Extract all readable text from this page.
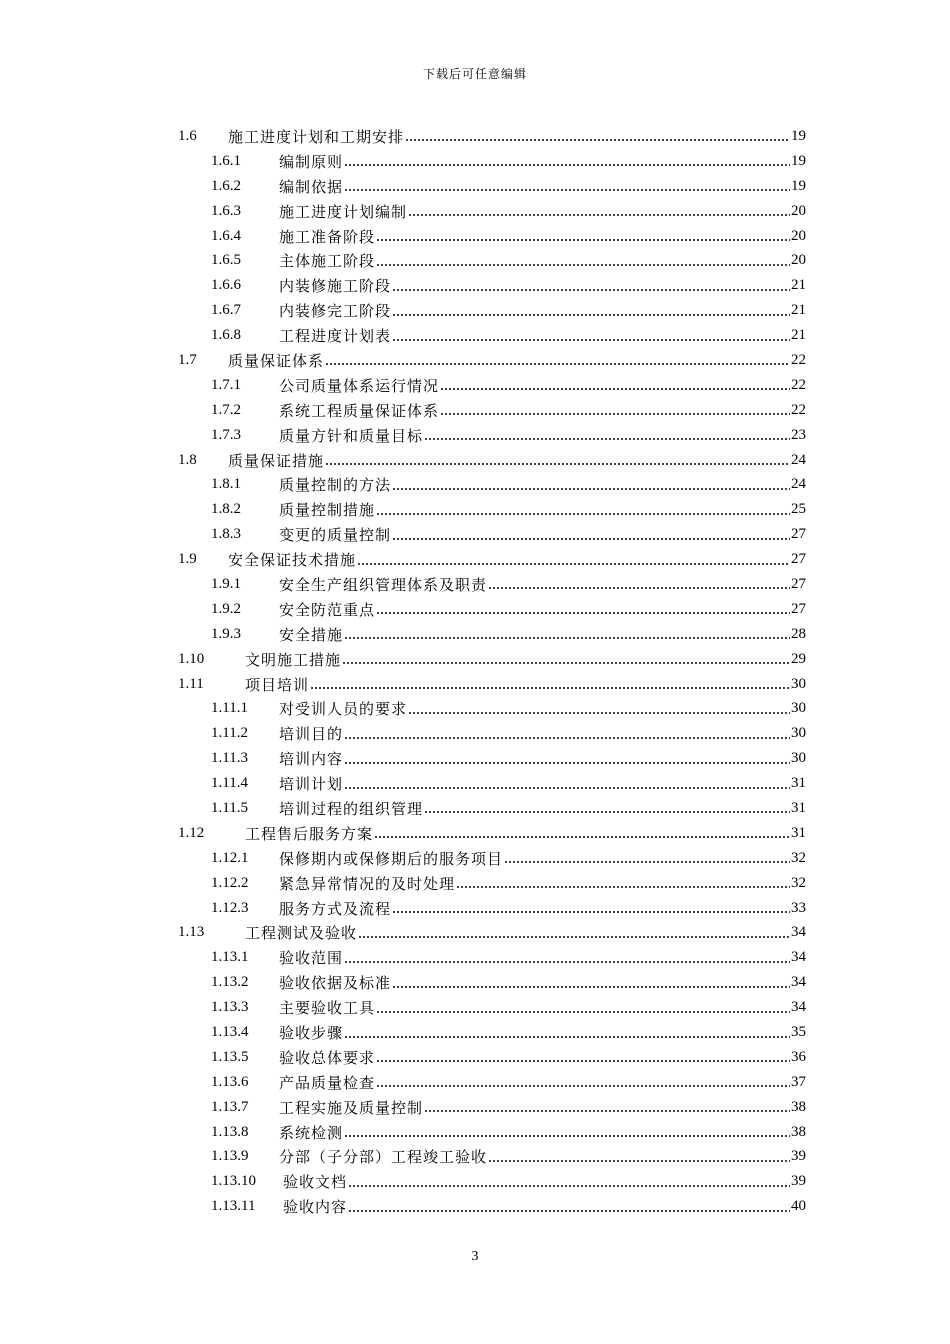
下载后可任意编辑
1.6	施工进度计划和工期安排	19
1.6.1	编制原则	19
1.6.2	编制依据	19
1.6.3	施工进度计划编制	20
1.6.4	施工准备阶段	20
1.6.5	主体施工阶段	20
1.6.6	内装修施工阶段	21
1.6.7	内装修完工阶段	21
1.6.8	工程进度计划表	21
1.7	质量保证体系	22
1.7.1	公司质量体系运行情况	22
1.7.2	系统工程质量保证体系	22
1.7.3	质量方针和质量目标	23
1.8	质量保证措施	24
1.8.1	质量控制的方法	24
1.8.2	质量控制措施	25
1.8.3	变更的质量控制	27
1.9	安全保证技术措施	27
1.9.1	安全生产组织管理体系及职责	27
1.9.2	安全防范重点	27
1.9.3	安全措施	28
1.10	文明施工措施	29
1.11	项目培训	30
1.11.1	对受训人员的要求	30
1.11.2	培训目的	30
1.11.3	培训内容	30
1.11.4	培训计划	31
1.11.5	培训过程的组织管理	31
1.12	工程售后服务方案	31
1.12.1	保修期内或保修期后的服务项目	32
1.12.2	紧急异常情况的及时处理	32
1.12.3	服务方式及流程	33
1.13	工程测试及验收	34
1.13.1	验收范围	34
1.13.2	验收依据及标准	34
1.13.3	主要验收工具	34
1.13.4	验收步骤	35
1.13.5	验收总体要求	36
1.13.6	产品质量检查	37
1.13.7	工程实施及质量控制	38
1.13.8	系统检测	38
1.13.9	分部（子分部）工程竣工验收	39
1.13.10	验收文档	39
1.13.11	验收内容	40
3
